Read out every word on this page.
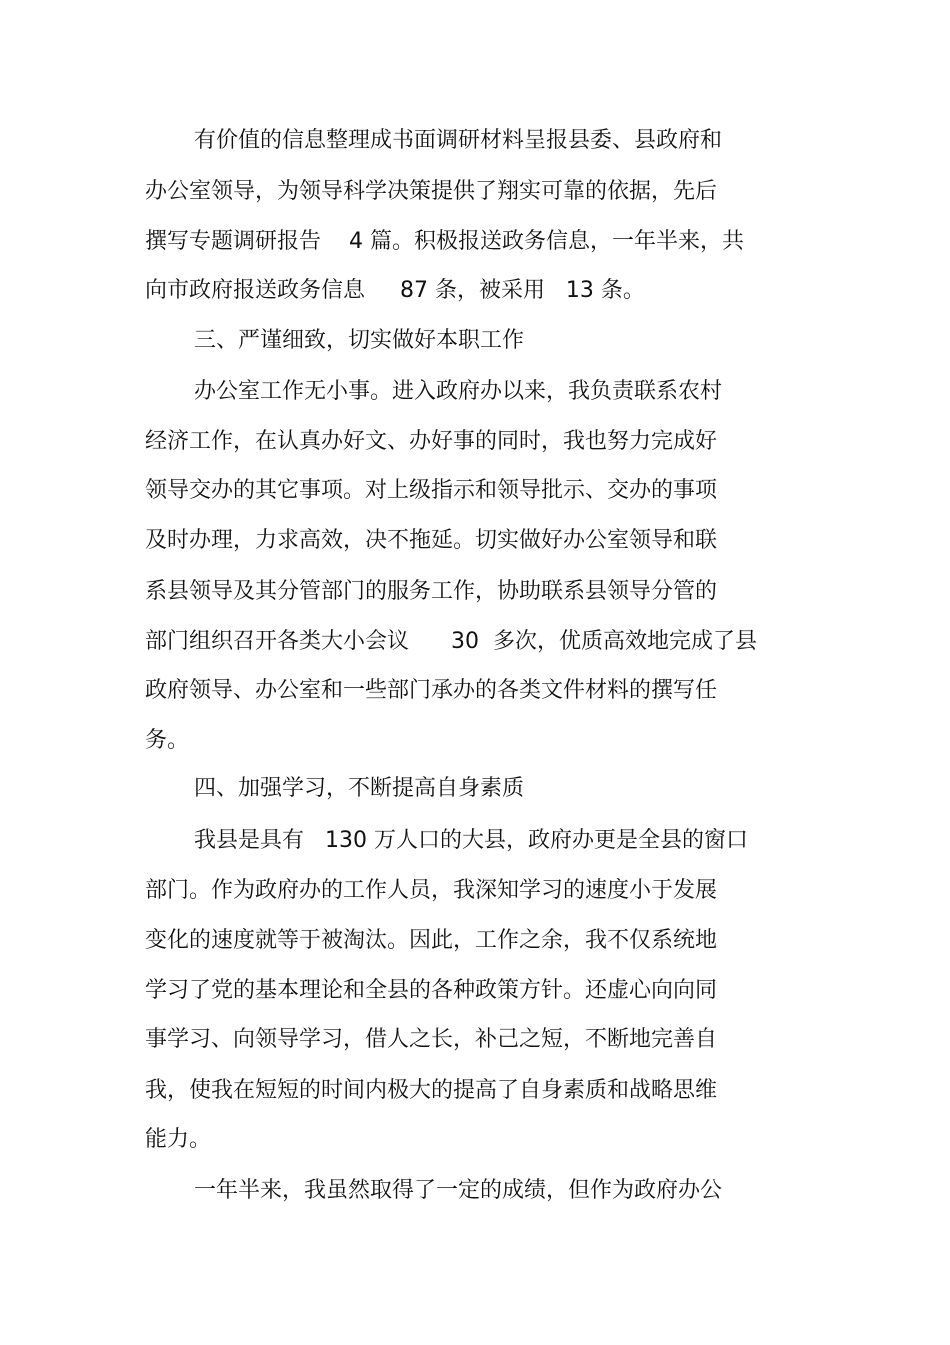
有价值的信息整理成书面调研材料呈报县委、县政府和
办公室领导，为领导科学决策提供了翔实可靠的依据，先后
撰写专题调研报告    4 篇。积极报送政务信息，一年半来，共
向市政府报送政务信息     87 条，被采用   13 条。
三、严谨细致，切实做好本职工作
办公室工作无小事。进入政府办以来，我负责联系农村
经济工作，在认真办好文、办好事的同时，我也努力完成好
领导交办的其它事项。对上级指示和领导批示、交办的事项
及时办理，力求高效，决不拖延。切实做好办公室领导和联
系县领导及其分管部门的服务工作，协助联系县领导分管的
部门组织召开各类大小会议      30  多次，优质高效地完成了县
政府领导、办公室和一些部门承办的各类文件材料的撰写任
务。
四、加强学习，不断提高自身素质
我县是具有   130 万人口的大县，政府办更是全县的窗口
部门。作为政府办的工作人员，我深知学习的速度小于发展
变化的速度就等于被淘汰。因此，工作之余，我不仅系统地
学习了党的基本理论和全县的各种政策方针。还虚心向向同
事学习、向领导学习，借人之长，补己之短，不断地完善自
我，使我在短短的时间内极大的提高了自身素质和战略思维
能力。
一年半来，我虽然取得了一定的成绩，但作为政府办公
